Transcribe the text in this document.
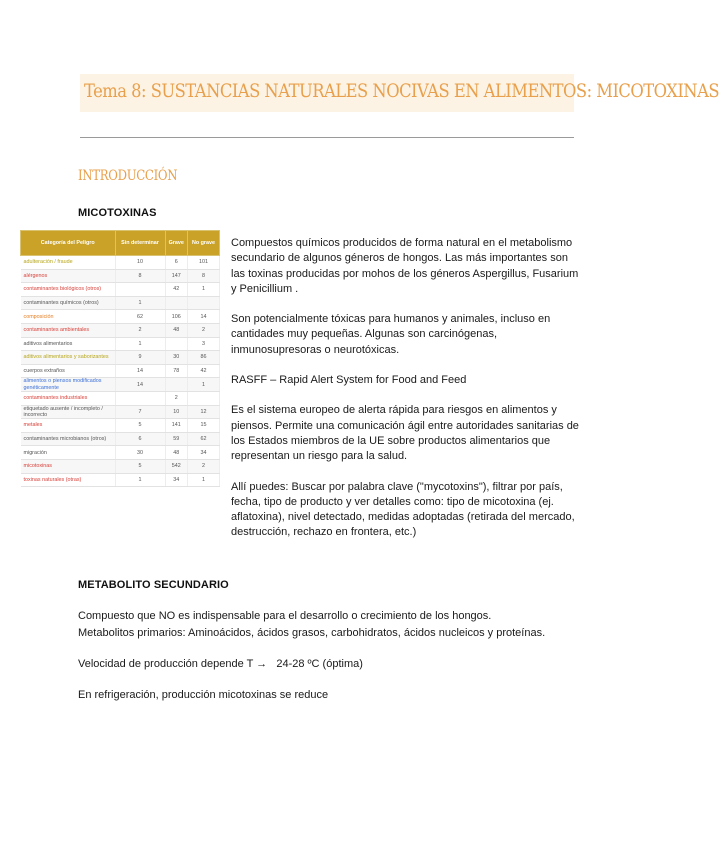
Tema 8: SUSTANCIAS NATURALES NOCIVAS EN ALIMENTOS: MICOTOXINAS
INTRODUCCIÓN
MICOTOXINAS
Categoría del Peligro	Sin determinar	Grave	No grave
adulteración / fraude	10	6	101
alérgenos	8	147	8
contaminantes biológicos (otros)		42	1
contaminantes químicos (otros)	1		
composición	62	106	14
contaminantes ambientales	2	48	2
aditivos alimentarios	1		3
aditivos alimentarios y saborizantes	9	30	86
cuerpos extraños	14	78	42
alimentos o piensos modificados genéticamente	14		1
contaminantes industriales		2	
etiquetado ausente / incompleto / incorrecto	7	10	12
metales	5	141	15
contaminantes microbianos (otros)	6	59	62
migración	30	48	34
micotoxinas	5	542	2
toxinas naturales (otras)	1	34	1

Compuestos químicos producidos de forma natural en el metabolismo secundario de algunos géneros de hongos. Las más importantes son las toxinas producidas por mohos de los géneros Aspergillus, Fusarium y Penicillium .

Son potencialmente tóxicas para humanos y animales, incluso en cantidades muy pequeñas. Algunas son carcinógenas, inmunosupresoras o neurotóxicas.

RASFF – Rapid Alert System for Food and Feed

Es el sistema europeo de alerta rápida para riesgos en alimentos y piensos. Permite una comunicación ágil entre autoridades sanitarias de los Estados miembros de la UE sobre productos alimentarios que representan un riesgo para la salud.

Allí puedes: Buscar por palabra clave ("mycotoxins"), filtrar por país, fecha, tipo de producto y ver detalles como: tipo de micotoxina (ej. aflatoxina), nivel detectado, medidas adoptadas (retirada del mercado, destrucción, rechazo en frontera, etc.)

METABOLITO SECUNDARIO
Compuesto que NO es indispensable para el desarrollo o crecimiento de los hongos.
Metabolitos primarios: Aminoácidos, ácidos grasos, carbohidratos, ácidos nucleicos y proteínas.
Velocidad de producción depende T →   24-28 ºC (óptima)
En refrigeración, producción micotoxinas se reduce
